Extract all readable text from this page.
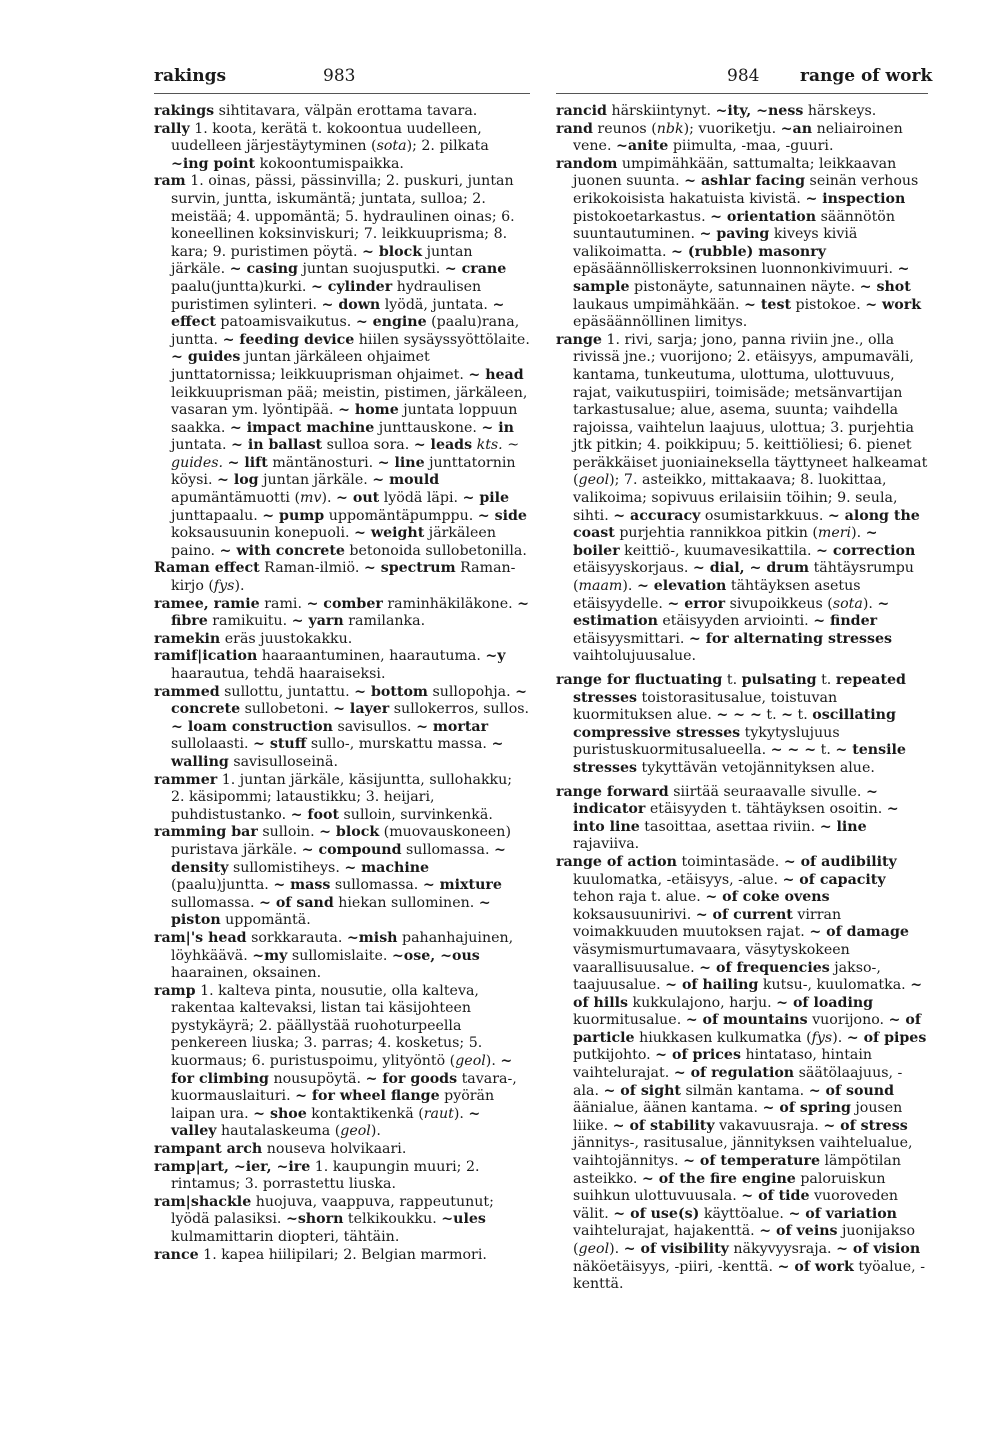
rakings	983	984 range of work

rakings sihtitavara, välpän erottama tavara.

rally 1. koota, kerätä t. kokoontua uudelleen, uudelleen järjestäytyminen (sota); 2. pilkata ~ing point kokoontumispaikka.

ram 1. oinas, pässi, pässinvilla; 2. puskuri, juntan survin, juntta, iskumäntä; juntata, sulloa; 2. meistää; 4. uppomäntä; 5. hydraulinen oinas; 6. koneellinen koksinviskuri; 7. leikkuuprisma; 8. kara; 9. puristimen pöytä. ~ block juntan järkäle. ~ casing juntan suojusputki. ~ crane paalu(juntta)kurki. ~ cylinder hydraulisen puristimen sylinteri. ~ down lyödä, juntata. ~ effect patoamisvaikutus. ~ engine (paalu)rana, juntta. ~ feeding device hiilen sysäyssyöttölaite. ~ guides juntan järkäleen ohjaimet junttatornissa; leikkuuprisman ohjaimet. ~ head leikkuuprisman pää; meistin, pistimen, järkäleen, vasaran ym. lyöntipää. ~ home juntata loppuun saakka. ~ impact machine junttauskone. ~ in juntata. ~ in ballast sulloa sora. ~ leads kts. ~ guides. ~ lift mäntänosturi. ~ line junttatornin köysi. ~ log juntan järkäle. ~ mould apumäntämuotti (mv). ~ out lyödä läpi. ~ pile junttapaalu. ~ pump uppomäntäpumppu. ~ side koksausuunin konepuoli. ~ weight järkäleen paino. ~ with concrete betonoida sullobetonilla.

Raman effect Raman-ilmiö. ~ spectrum Raman-kirjo (fys).

ramee, ramie rami. ~ comber raminhäkiläkone. ~ fibre ramikuitu. ~ yarn ramilanka.

ramekin eräs juustokakku.

ramif|ication haaraantuminen, haarautuma. ~y haarautua, tehdä haaraiseksi.

rammed sullottu, juntattu. ~ bottom sullopohja. ~ concrete sullobetoni. ~ layer sullokerros, sullos. ~ loam construction savisullos. ~ mortar sullolaasti. ~ stuff sullo-, murskattu massa. ~ walling savisulloseinä.

rammer 1. juntan järkäle, käsijuntta, sullohakku; 2. käsipommi; lataustikku; 3. heijari, puhdistustanko. ~ foot sulloin, survinkenkä.

ramming bar sulloin. ~ block (muovauskoneen) puristava järkäle. ~ compound sullomassa. ~ density sullomistiheys. ~ machine (paalu)juntta. ~ mass sullomassa. ~ mixture sullomassa. ~ of sand hiekan sullominen. ~ piston uppomäntä.

ram|'s head sorkkarauta. ~mish pahanhajuinen, löyhkäävä. ~my sullomislaite. ~ose, ~ous haarainen, oksainen.

ramp 1. kalteva pinta, nousutie, olla kalteva, rakentaa kaltevaksi, listan tai käsijohteen pystykäyrä; 2. päällystää ruohoturpeella penkereen liuska; 3. parras; 4. kosketus; 5. kuormaus; 6. puristuspoimu, ylityöntö (geol). ~ for climbing nousupöytä. ~ for goods tavara-, kuormauslaituri. ~ for wheel flange pyörän laipan ura. ~ shoe kontaktikenkä (raut). ~ valley hautalaskeuma (geol).

rampant arch nouseva holvikaari.

ramp|art, ~ier, ~ire 1. kaupungin muuri; 2. rintamus; 3. porrastettu liuska.

ram|shackle huojuva, vaappuva, rappeutunut; lyödä palasiksi. ~shorn telkikoukku. ~ules kulmamittarin diopteri, tähtäin.

rance 1. kapea hiilipilari; 2. Belgian marmori.

rancid härskiintynyt. ~ity, ~ness härskeys.

rand reunos (nbk); vuoriketju. ~an neliairoinen vene. ~anite piimulta, -maa, -guuri.

random umpimähkään, sattumalta; leikkaavan juonen suunta. ~ ashlar facing seinän verhous erikokoisista hakatuista kivistä. ~ inspection pistokoetarkastus. ~ orientation säännötön suuntautuminen. ~ paving kiveys kiviä valikoimatta. ~ (rubble) masonry epäsäännölliskerroksinen luonnonkivimuuri. ~ sample pistonäyte, satunnainen näyte. ~ shot laukaus umpimähkään. ~ test pistokoe. ~ work epäsäännöllinen limitys.

range 1. rivi, sarja; jono, panna riviin jne., olla rivissä jne.; vuorijono; 2. etäisyys, ampumaväli, kantama, tunkeutuma, ulottuma, ulottuvuus, rajat, vaikutuspiiri, toimisäde; metsänvartijan tarkastusalue; alue, asema, suunta; vaihdella rajoissa, vaihtelun laajuus, ulottua; 3. purjehtia jtk pitkin; 4. poikkipuu; 5. keittiöliesi; 6. pienet peräkkäiset juoniaineksella täyttyneet halkeamat (geol); 7. asteikko, mittakaava; 8. luokittaa, valikoima; sopivuus erilaisiin töihin; 9. seula, sihti. ~ accuracy osumistarkkuus. ~ along the coast purjehtia rannikkoa pitkin (meri). ~ boiler keittiö-, kuumavesikattila. ~ correction etäisyyskorjaus. ~ dial, ~ drum tähtäysrumpu (maam). ~ elevation tähtäyksen asetus etäisyydelle. ~ error sivupoikkeus (sota). ~ estimation etäisyyden arviointi. ~ finder etäisyysmittari. ~ for alternating stresses vaihtolujuusalue.

range for fluctuating t. pulsating t. repeated stresses toistorasitusalue, toistuvan kuormituksen alue. ~ ~ ~ t. ~ t. oscillating compressive stresses tykytyslujuus puristuskuormitusalueella. ~ ~ ~ t. ~ tensile stresses tykyttävän vetojännityksen alue.

range forward siirtää seuraavalle sivulle. ~ indicator etäisyyden t. tähtäyksen osoitin. ~ into line tasoittaa, asettaa riviin. ~ line rajaviiva.

range of action toimintasäde. ~ of audibility kuulomatka, -etäisyys, -alue. ~ of capacity tehon raja t. alue. ~ of coke ovens koksausuunirivi. ~ of current virran voimakkuuden muutoksen rajat. ~ of damage väsymismurtumavaara, väsytyskokeen vaarallisuusalue. ~ of frequencies jakso-, taajuusalue. ~ of hailing kutsu-, kuulomatka. ~ of hills kukkulajono, harju. ~ of loading kuormitusalue. ~ of mountains vuorijono. ~ of particle hiukkasen kulkumatka (fys). ~ of pipes putkijohto. ~ of prices hintataso, hintain vaihtelurajat. ~ of regulation säätölaajuus, -ala. ~ of sight silmän kantama. ~ of sound äänialue, äänen kantama. ~ of spring jousen liike. ~ of stability vakavuusraja. ~ of stress jännitys-, rasitusalue, jännityksen vaihtelualue, vaihtojännitys. ~ of temperature lämpötilan asteikko. ~ of the fire engine paloruiskun suihkun ulottuvuusala. ~ of tide vuoroveden välit. ~ of use(s) käyttöalue. ~ of variation vaihtelurajat, hajakenttä. ~ of veins juonijakso (geol). ~ of visibility näkyvyysraja. ~ of vision näköetäisyys, -piiri, -kenttä. ~ of work työalue, -kenttä.
